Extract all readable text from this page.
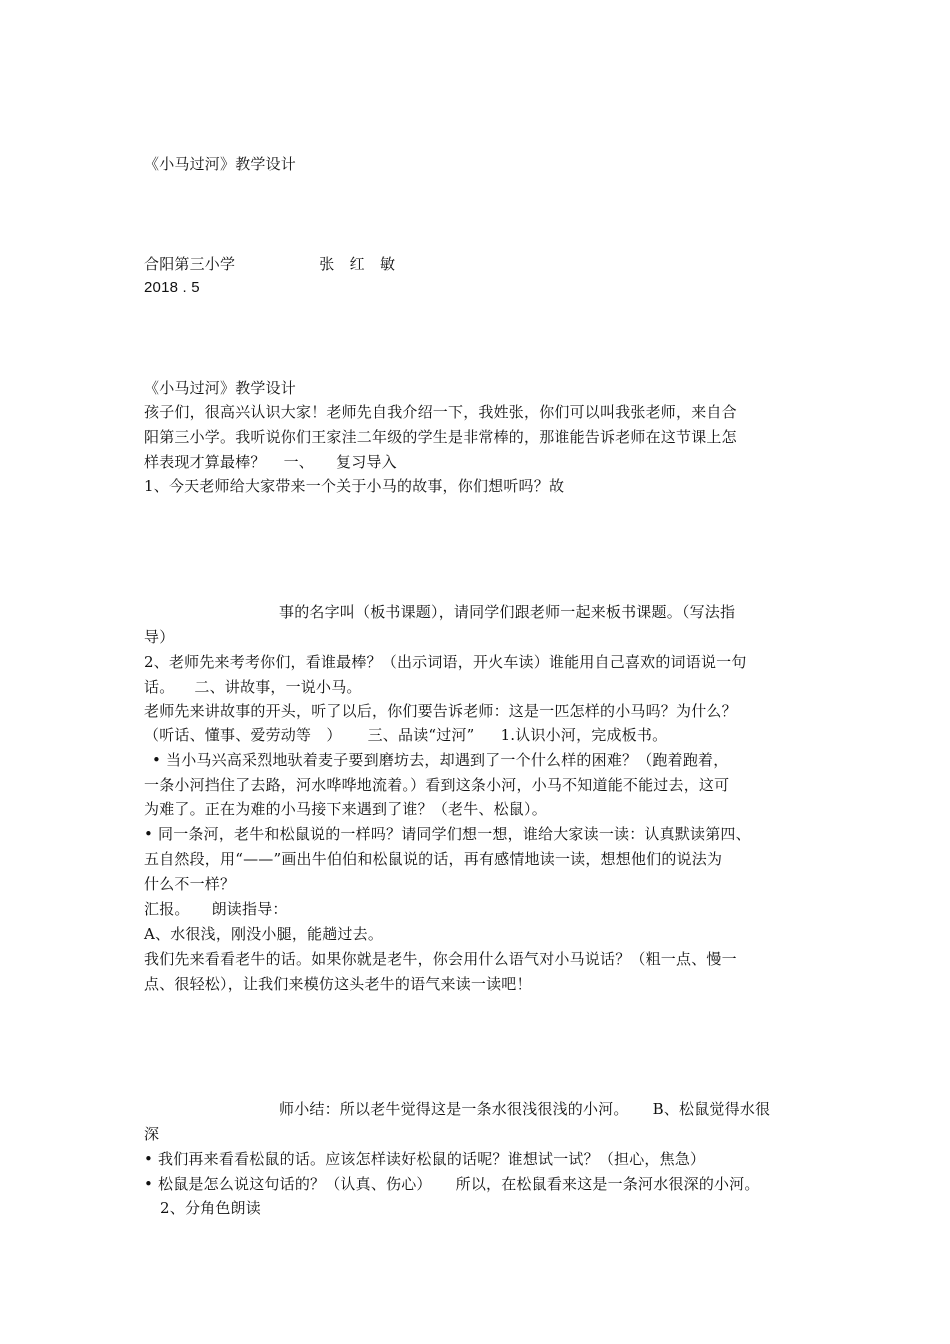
《小马过河》教学设计
合阳第三小学	张　红　敏
2018 . 5
《小马过河》教学设计
孩子们，很高兴认识大家！老师先自我介绍一下，我姓张，你们可以叫我张老师，来自合
阳第三小学。我听说你们王家洼二年级的学生是非常棒的，那谁能告诉老师在这节课上怎
样表现才算最棒？ 一、 复习导入
1、今天老师给大家带来一个关于小马的故事，你们想听吗？故
事的名字叫（板书课题），请同学们跟老师一起来板书课题。（写法指
导）
2、老师先来考考你们，看谁最棒？（出示词语，开火车读）谁能用自己喜欢的词语说一句
话。 二、讲故事，一说小马。
老师先来讲故事的开头，听了以后，你们要告诉老师：这是一匹怎样的小马吗？为什么？
（听话、懂事、爱劳动等　） 三、品读“过河” 1.认识小河，完成板书。
• 当小马兴高采烈地驮着麦子要到磨坊去，却遇到了一个什么样的困难？（跑着跑着，
一条小河挡住了去路，河水哗哗地流着。）看到这条小河，小马不知道能不能过去，这可
为难了。正在为难的小马接下来遇到了谁？（老牛、松鼠）。
• 同一条河，老牛和松鼠说的一样吗？请同学们想一想，谁给大家读一读：认真默读第四、
五自然段，用“——”画出牛伯伯和松鼠说的话，再有感情地读一读，想想他们的说法为
什么不一样？
汇报。 朗读指导：
A、水很浅，刚没小腿，能趟过去。
我们先来看看老牛的话。如果你就是老牛，你会用什么语气对小马说话？（粗一点、慢一
点、很轻松），让我们来模仿这头老牛的语气来读一读吧！
师小结：所以老牛觉得这是一条水很浅很浅的小河。 B、松鼠觉得水很
深
• 我们再来看看松鼠的话。应该怎样读好松鼠的话呢？谁想试一试？（担心，焦急）
• 松鼠是怎么说这句话的？（认真、伤心） 所以，在松鼠看来这是一条河水很深的小河。
2、分角色朗读
